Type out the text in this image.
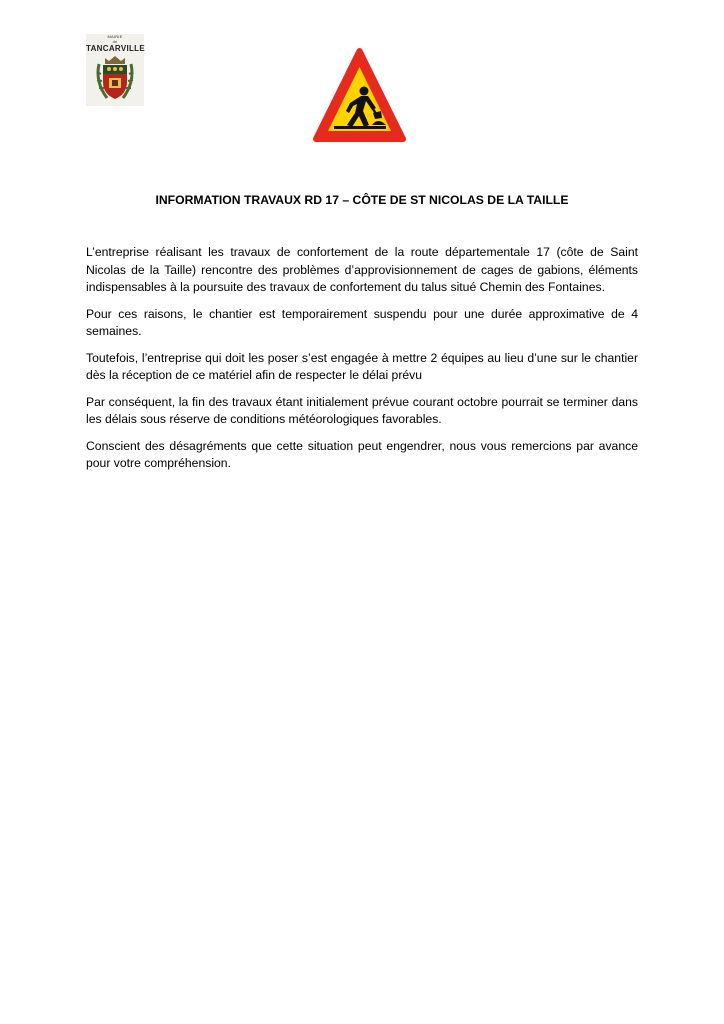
MAIRIE
de
TANCARVILLE
INFORMATION TRAVAUX RD 17 – CÔTE DE ST NICOLAS DE LA TAILLE

L’entreprise réalisant les travaux de confortement de la route départementale 17 (côte de Saint Nicolas de la Taille) rencontre des problèmes d’approvisionnement de cages de gabions, éléments indispensables à la poursuite des travaux de confortement du talus situé Chemin des Fontaines.

Pour ces raisons, le chantier est temporairement suspendu pour une durée approximative de 4 semaines.

Toutefois, l’entreprise qui doit les poser s’est engagée à mettre 2 équipes au lieu d’une sur le chantier dès la réception de ce matériel afin de respecter le délai prévu

Par conséquent, la fin des travaux étant initialement prévue courant octobre pourrait se terminer dans les délais sous réserve de conditions météorologiques favorables.

Conscient des désagréments que cette situation peut engendrer, nous vous remercions par avance pour votre compréhension.
